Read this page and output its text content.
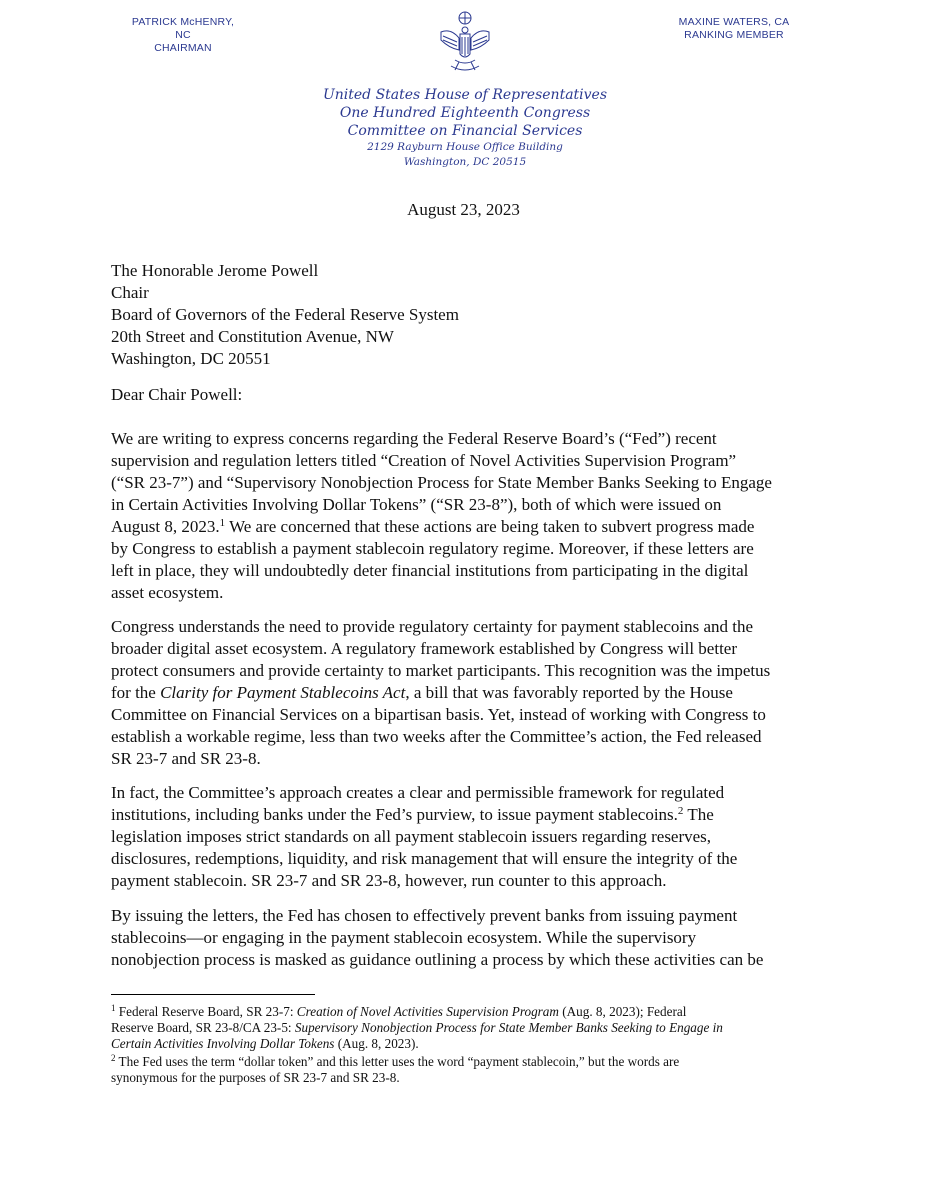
PATRICK McHENRY, NC
CHAIRMAN
MAXINE WATERS, CA
RANKING MEMBER
United States House of Representatives
One Hundred Eighteenth Congress
Committee on Financial Services
2129 Rayburn House Office Building
Washington, DC 20515
August 23, 2023
The Honorable Jerome Powell
Chair
Board of Governors of the Federal Reserve System
20th Street and Constitution Avenue, NW
Washington, DC 20551
Dear Chair Powell:
We are writing to express concerns regarding the Federal Reserve Board’s (“Fed”) recent
supervision and regulation letters titled “Creation of Novel Activities Supervision Program”
(“SR 23-7”) and “Supervisory Nonobjection Process for State Member Banks Seeking to Engage
in Certain Activities Involving Dollar Tokens” (“SR 23-8”), both of which were issued on
August 8, 2023.$^1$ We are concerned that these actions are being taken to subvert progress made
by Congress to establish a payment stablecoin regulatory regime. Moreover, if these letters are
left in place, they will undoubtedly deter financial institutions from participating in the digital
asset ecosystem.
Congress understands the need to provide regulatory certainty for payment stablecoins and the
broader digital asset ecosystem. A regulatory framework established by Congress will better
protect consumers and provide certainty to market participants. This recognition was the impetus
for the Clarity for Payment Stablecoins Act, a bill that was favorably reported by the House
Committee on Financial Services on a bipartisan basis. Yet, instead of working with Congress to
establish a workable regime, less than two weeks after the Committee’s action, the Fed released
SR 23-7 and SR 23-8.
In fact, the Committee’s approach creates a clear and permissible framework for regulated
institutions, including banks under the Fed’s purview, to issue payment stablecoins.$^2$ The
legislation imposes strict standards on all payment stablecoin issuers regarding reserves,
disclosures, redemptions, liquidity, and risk management that will ensure the integrity of the
payment stablecoin. SR 23-7 and SR 23-8, however, run counter to this approach.
By issuing the letters, the Fed has chosen to effectively prevent banks from issuing payment
stablecoins—or engaging in the payment stablecoin ecosystem. While the supervisory
nonobjection process is masked as guidance outlining a process by which these activities can be
$^1$ Federal Reserve Board, SR 23-7: Creation of Novel Activities Supervision Program (Aug. 8, 2023); Federal
Reserve Board, SR 23-8/CA 23-5: Supervisory Nonobjection Process for State Member Banks Seeking to Engage in
Certain Activities Involving Dollar Tokens (Aug. 8, 2023).
$^2$ The Fed uses the term “dollar token” and this letter uses the word “payment stablecoin,” but the words are
synonymous for the purposes of SR 23-7 and SR 23-8.
